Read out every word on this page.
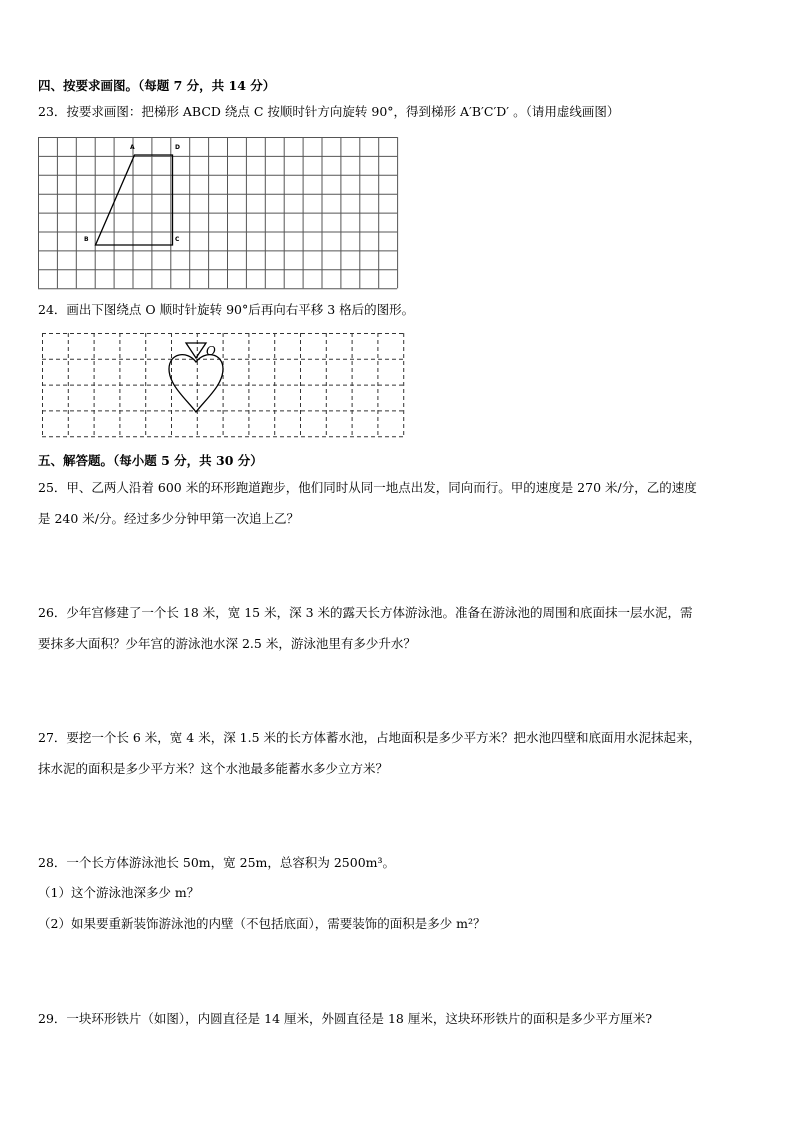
四、按要求画图。（每题 7 分，共 14 分）
23．按要求画图：把梯形 ABCD 绕点 C 按顺时针方向旋转 90°，得到梯形 A′B′C′D′ 。（请用虚线画图）
A	D
B	C
24．画出下图绕点 O 顺时针旋转 90°后再向右平移 3 格后的图形。
O
五、解答题。（每小题 5 分，共 30 分）
25．甲、乙两人沿着 600 米的环形跑道跑步，他们同时从同一地点出发，同向而行。甲的速度是 270 米/分，乙的速度
是 240 米/分。经过多少分钟甲第一次追上乙？
26．少年宫修建了一个长 18 米，宽 15 米，深 3 米的露天长方体游泳池。准备在游泳池的周围和底面抹一层水泥，需
要抹多大面积？少年宫的游泳池水深 2.5 米，游泳池里有多少升水？
27．要挖一个长 6 米，宽 4 米，深 1.5 米的长方体蓄水池，占地面积是多少平方米？把水池四壁和底面用水泥抹起来，
抹水泥的面积是多少平方米？这个水池最多能蓄水多少立方米？
28．一个长方体游泳池长 50m，宽 25m，总容积为 2500m³。
（1）这个游泳池深多少 m？
（2）如果要重新装饰游泳池的内壁（不包括底面），需要装饰的面积是多少 m²？
29．一块环形铁片（如图），内圆直径是 14 厘米，外圆直径是 18 厘米，这块环形铁片的面积是多少平方厘米?
